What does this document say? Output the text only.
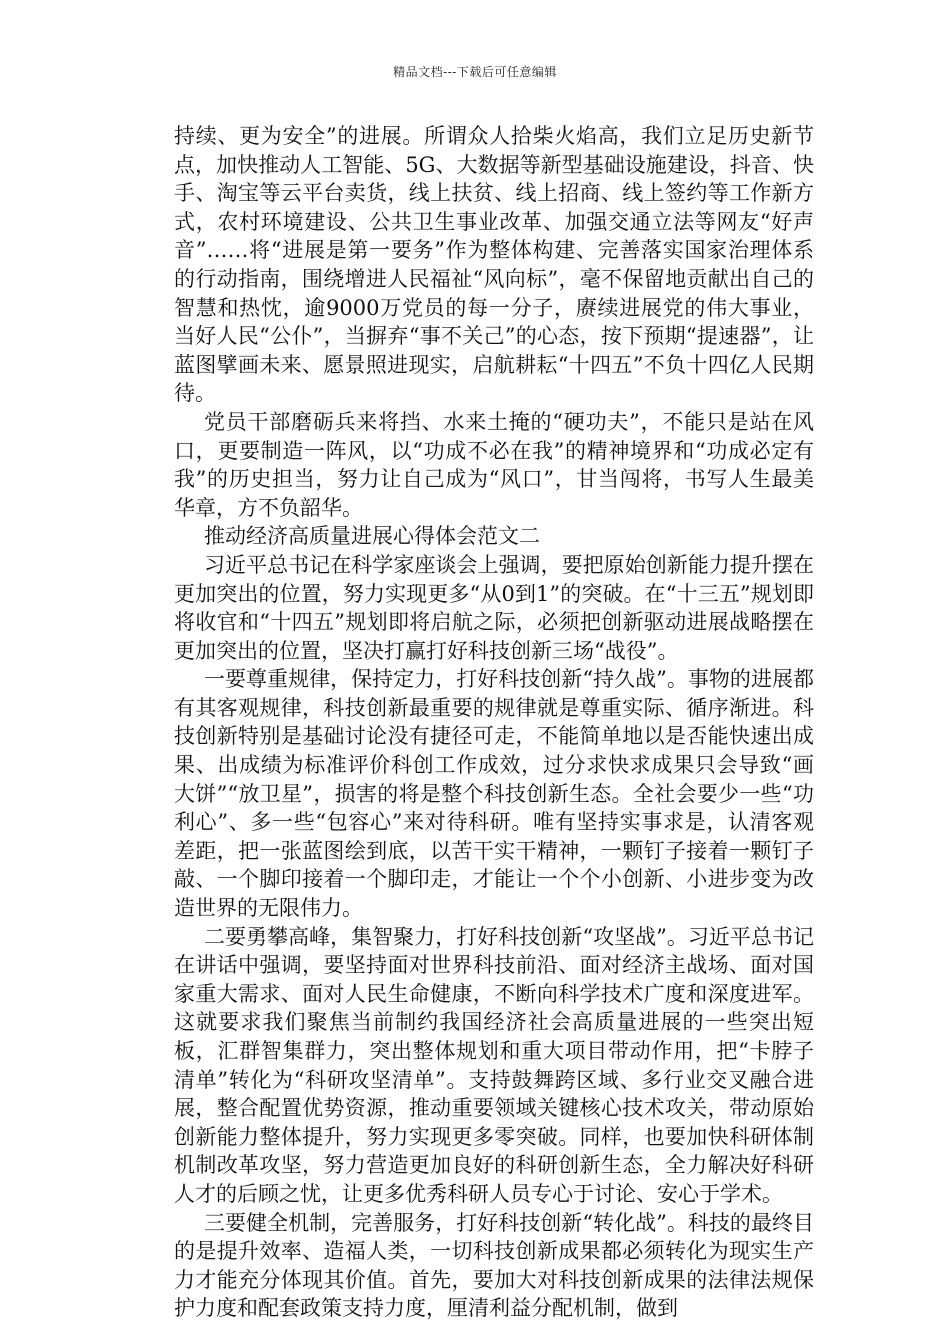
精品文档---下载后可任意编辑

持续、更为安全”的进展。所谓众人拾柴火焰高，我们立足历史新节点，加快推动人工智能、5G、大数据等新型基础设施建设，抖音、快手、淘宝等云平台卖货，线上扶贫、线上招商、线上签约等工作新方式，农村环境建设、公共卫生事业改革、加强交通立法等网友“好声音”……将“进展是第一要务”作为整体构建、完善落实国家治理体系的行动指南，围绕增进人民福祉“风向标”，毫不保留地贡献出自己的智慧和热忱，逾9000万党员的每一分子，赓续进展党的伟大事业，当好人民“公仆”，当摒弃“事不关己”的心态，按下预期“提速器”，让蓝图擘画未来、愿景照进现实，启航耕耘“十四五”不负十四亿人民期待。

党员干部磨砺兵来将挡、水来土掩的“硬功夫”，不能只是站在风口，更要制造一阵风，以“功成不必在我”的精神境界和“功成必定有我”的历史担当，努力让自己成为“风口”，甘当闯将，书写人生最美华章，方不负韶华。

推动经济高质量进展心得体会范文二

习近平总书记在科学家座谈会上强调，要把原始创新能力提升摆在更加突出的位置，努力实现更多“从0到1”的突破。在“十三五”规划即将收官和“十四五”规划即将启航之际，必须把创新驱动进展战略摆在更加突出的位置，坚决打赢打好科技创新三场“战役”。

一要尊重规律，保持定力，打好科技创新“持久战”。事物的进展都有其客观规律，科技创新最重要的规律就是尊重实际、循序渐进。科技创新特别是基础讨论没有捷径可走，不能简单地以是否能快速出成果、出成绩为标准评价科创工作成效，过分求快求成果只会导致“画大饼”“放卫星”，损害的将是整个科技创新生态。全社会要少一些“功利心”、多一些“包容心”来对待科研。唯有坚持实事求是，认清客观差距，把一张蓝图绘到底，以苦干实干精神，一颗钉子接着一颗钉子敲、一个脚印接着一个脚印走，才能让一个个小创新、小进步变为改造世界的无限伟力。

二要勇攀高峰，集智聚力，打好科技创新“攻坚战”。习近平总书记在讲话中强调，要坚持面对世界科技前沿、面对经济主战场、面对国家重大需求、面对人民生命健康，不断向科学技术广度和深度进军。这就要求我们聚焦当前制约我国经济社会高质量进展的一些突出短板，汇群智集群力，突出整体规划和重大项目带动作用，把“卡脖子清单”转化为“科研攻坚清单”。支持鼓舞跨区域、多行业交叉融合进展，整合配置优势资源，推动重要领域关键核心技术攻关，带动原始创新能力整体提升，努力实现更多零突破。同样，也要加快科研体制机制改革攻坚，努力营造更加良好的科研创新生态，全力解决好科研人才的后顾之忧，让更多优秀科研人员专心于讨论、安心于学术。

三要健全机制，完善服务，打好科技创新“转化战”。科技的最终目的是提升效率、造福人类，一切科技创新成果都必须转化为现实生产力才能充分体现其价值。首先，要加大对科技创新成果的法律法规保护力度和配套政策支持力度，厘清利益分配机制，做到
